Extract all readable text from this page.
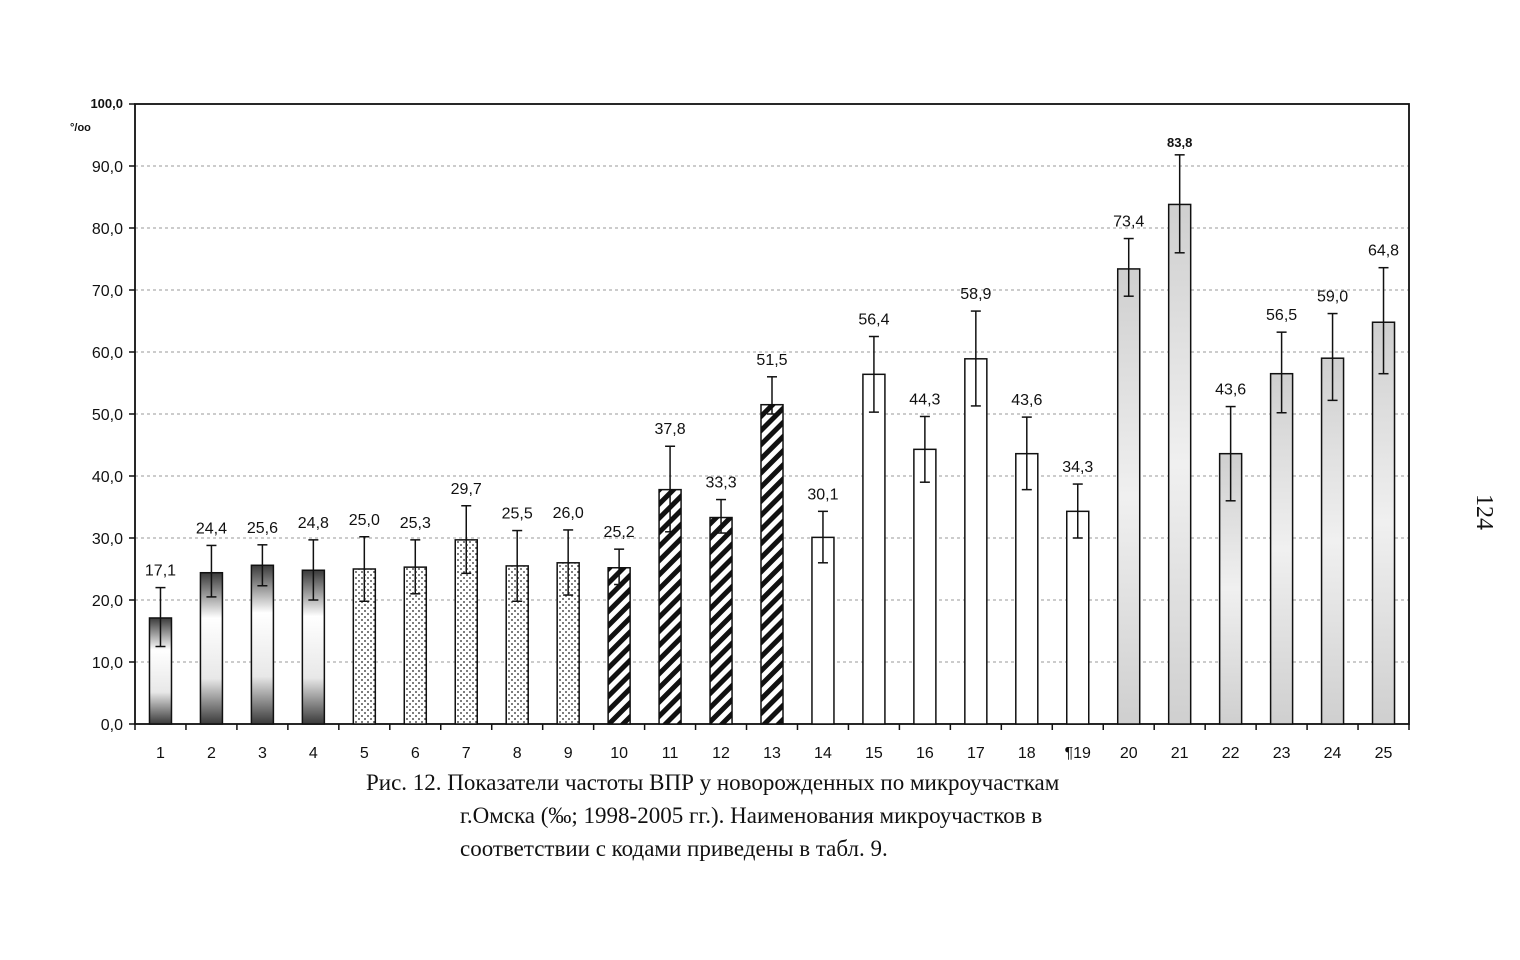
0,0
10,0
20,0
30,0
40,0
50,0
60,0
70,0
80,0
90,0
100,0
°/oo
1	2	3	4	5	6	7	8	9 10 11 12 13 14 15 16 17 18 ¶19 20 21 22 23 24 25
17,1
24,4 25,6 24,8 25,0 25,3
29,7
25,5 26,0
25,2
37,8
33,3
51,5
30,1
56,4
44,3
58,9
43,6
34,3
73,4
83,8
43,6
56,5
59,0
64,8
Рис. 12. Показатели частоты ВПР у новорожденных по микроучасткам
г.Омска (‰; 1998-2005 гг.). Наименования микроучастков в
соответствии с кодами приведены в табл. 9.
124
